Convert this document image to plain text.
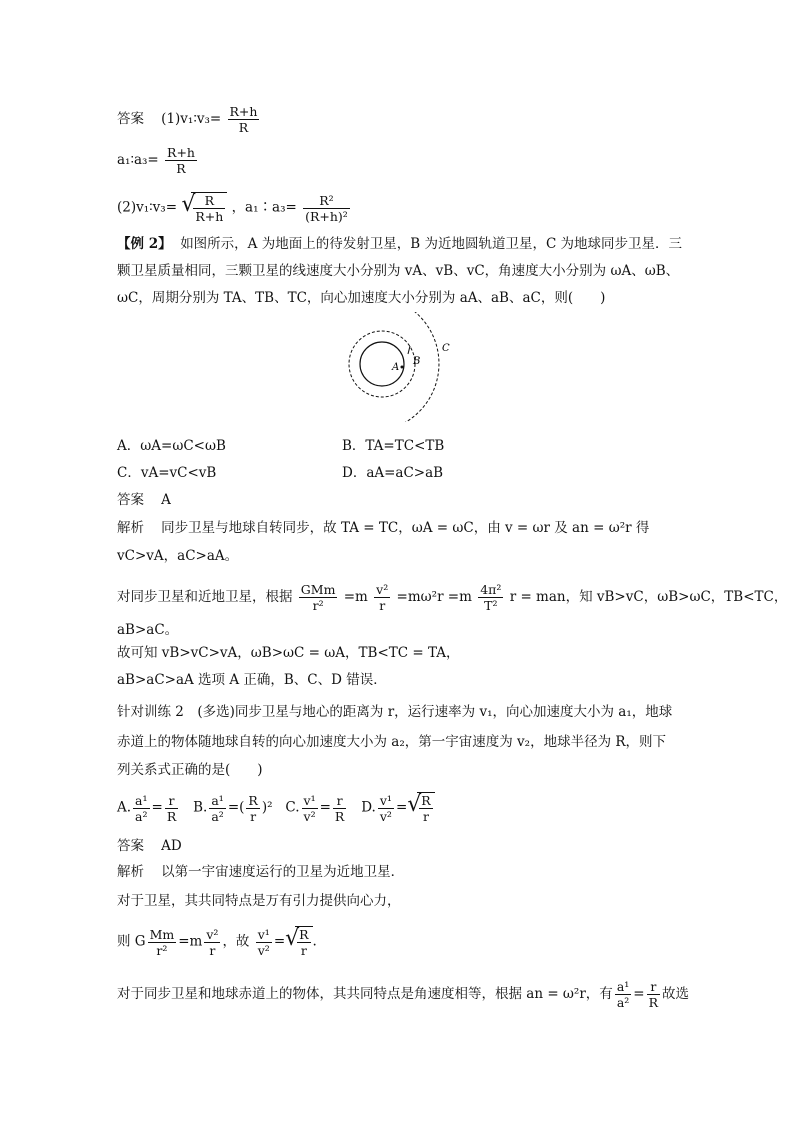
答案 (1)v₁∶v₃= $\frac{R+h}{R}$
a₁∶a₃= $\frac{R+h}{R}$
(2)v₁∶v₃= √
$\frac{R}{R+h}$ ，a₁∶a₃= $\frac{\text{R²}}{\text{(R+h)²}}$
【例 2】 如图所示，A 为地面上的待发射卫星，B 为近地圆轨道卫星，C 为地球同步卫星．三
颗卫星质量相同，三颗卫星的线速度大小分别为 vA、vB、vC，角速度大小分别为 ωA、ωB、
ωC，周期分别为 TA、TB、TC，向心加速度大小分别为 aA、aB、aC，则(　　)
A
B
C
A．ωA=ωC<ωB	B．TA=TC<TB
C．vA=vC<vB	D．aA=aC>aB
答案 A
解析 同步卫星与地球自转同步，故 TA = TC，ωA = ωC，由 v = ωr 及 an = ω²r 得
vC>vA，aC>aA。
对同步卫星和近地卫星，根据 $\frac{\text{GMm}}{\text{r²}} =m \frac{\text{v²}}{r} =m\omega^2r =m \frac{\text{4π²}}{\text{T²}}$ r = man，知 vB>vC，ωB>ωC，TB<TC，
aB>aC。
故可知 vB>vC>vA，ωB>ωC = ωA，TB<TC = TA，
aB>aC>aA 选项 A 正确，B、C、D 错误．
针对训练 2　(多选)同步卫星与地心的距离为 r，运行速率为 v₁，向心加速度大小为 a₁，地球
赤道上的物体随地球自转的向心加速度大小为 a₂，第一宇宙速度为 v₂，地球半径为 R，则下
列关系式正确的是(　　)
A. $\frac{\text{a¹}}{\text{a²}} = \frac{r}{R} B$. $\frac{\text{a¹}}{\text{a²}}$ =( $\frac{R}{r} )^2$ C. $\frac{\text{v¹}}{\text{v²}} = \frac{r}{R} D$. $\frac{\text{v¹}}{\text{v²}}$ = √
$\frac{R}{r}$
答案 AD
解析 以第一宇宙速度运行的卫星为近地卫星．
对于卫星，其共同特点是万有引力提供向心力，
则 G $\frac{Mm}{\text{r²}} =m \frac{\text{v²}}{r}$ ，故 $\frac{\text{v¹}}{\text{v²}}$ = √
$\frac{R}{r}$ .
对于同步卫星和地球赤道上的物体，其共同特点是角速度相等，根据 an = ω²r，有 $\frac{\text{a¹}}{\text{a²}} = \frac{r}{R}$ 故选
